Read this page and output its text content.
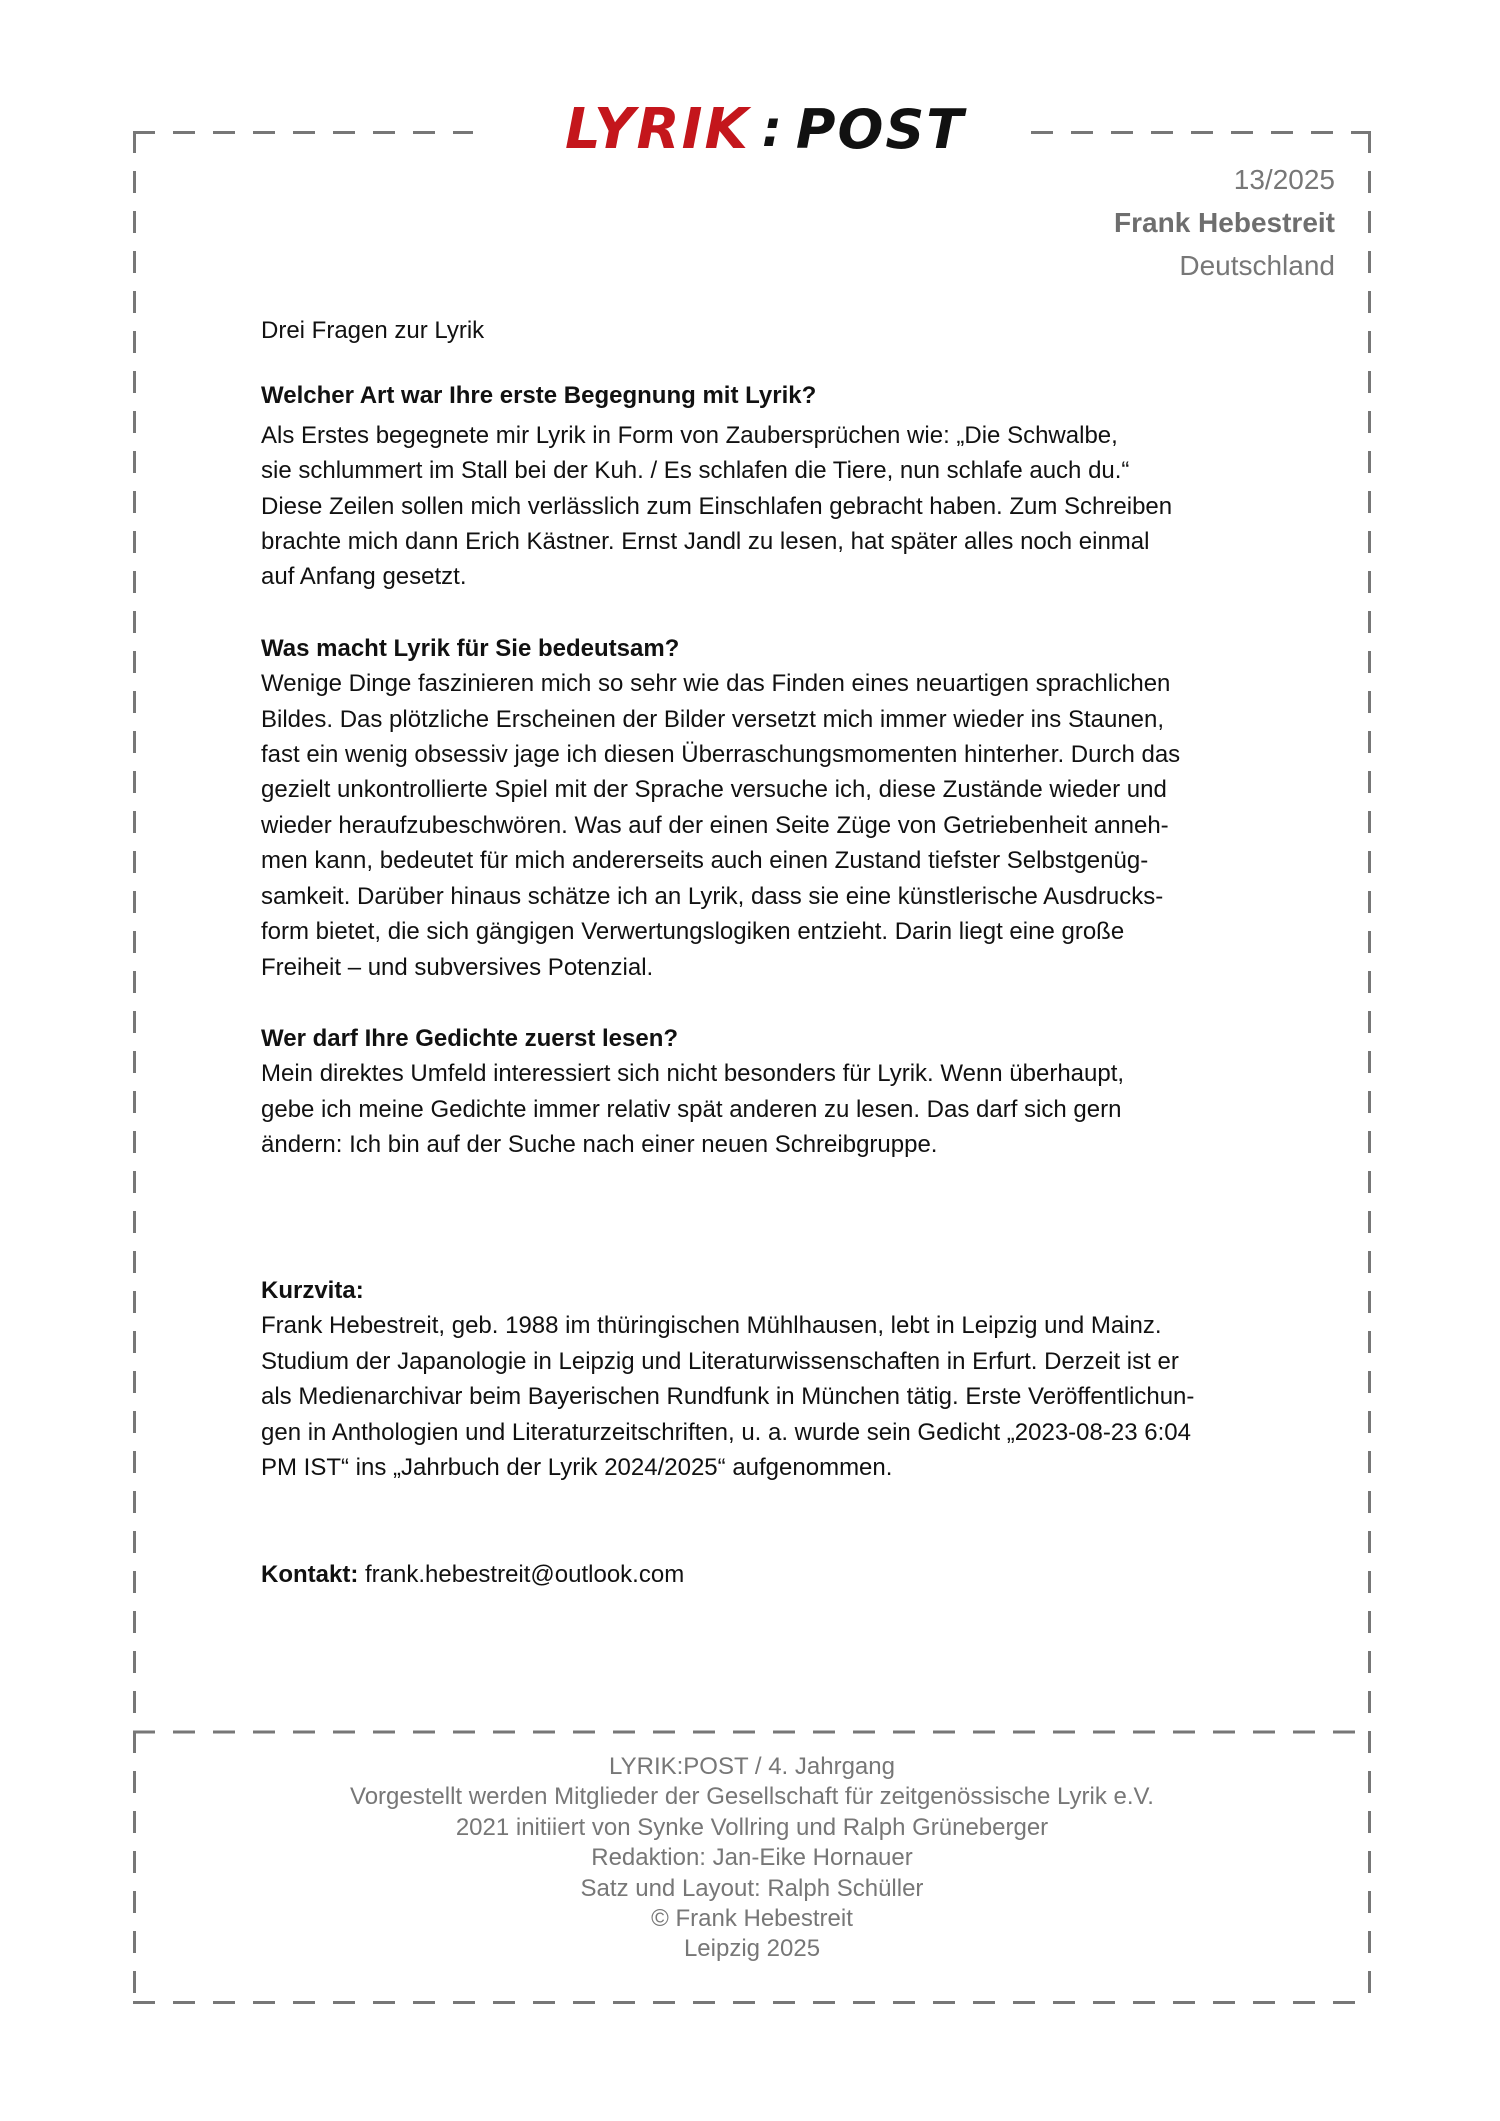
LYRIK : POST
13/2025
Frank Hebestreit
Deutschland

Drei Fragen zur Lyrik

Welcher Art war Ihre erste Begegnung mit Lyrik?

Als Erstes begegnete mir Lyrik in Form von Zaubersprüchen wie: „Die Schwalbe,
sie schlummert im Stall bei der Kuh. / Es schlafen die Tiere, nun schlafe auch du.“
Diese Zeilen sollen mich verlässlich zum Einschlafen gebracht haben. Zum Schreiben
brachte mich dann Erich Kästner. Ernst Jandl zu lesen, hat später alles noch einmal
auf Anfang gesetzt.

Was macht Lyrik für Sie bedeutsam?

Wenige Dinge faszinieren mich so sehr wie das Finden eines neuartigen sprachlichen
Bildes. Das plötzliche Erscheinen der Bilder versetzt mich immer wieder ins Staunen,
fast ein wenig obsessiv jage ich diesen Überraschungsmomenten hinterher. Durch das
gezielt unkontrollierte Spiel mit der Sprache versuche ich, diese Zustände wieder und
wieder heraufzubeschwören. Was auf der einen Seite Züge von Getriebenheit anneh-
men kann, bedeutet für mich andererseits auch einen Zustand tiefster Selbstgenüg-
samkeit. Darüber hinaus schätze ich an Lyrik, dass sie eine künstlerische Ausdrucks-
form bietet, die sich gängigen Verwertungslogiken entzieht. Darin liegt eine große
Freiheit – und subversives Potenzial.

Wer darf Ihre Gedichte zuerst lesen?

Mein direktes Umfeld interessiert sich nicht besonders für Lyrik. Wenn überhaupt,
gebe ich meine Gedichte immer relativ spät anderen zu lesen. Das darf sich gern
ändern: Ich bin auf der Suche nach einer neuen Schreibgruppe.

Kurzvita:

Frank Hebestreit, geb. 1988 im thüringischen Mühlhausen, lebt in Leipzig und Mainz.
Studium der Japanologie in Leipzig und Literaturwissenschaften in Erfurt. Derzeit ist er
als Medienarchivar beim Bayerischen Rundfunk in München tätig. Erste Veröffentlichun-
gen in Anthologien und Literaturzeitschriften, u. a. wurde sein Gedicht „2023-08-23 6:04
PM IST“ ins „Jahrbuch der Lyrik 2024/2025“ aufgenommen.

Kontakt: frank.hebestreit@outlook.com
LYRIK:POST / 4. Jahrgang
Vorgestellt werden Mitglieder der Gesellschaft für zeitgenössische Lyrik e.V.
2021 initiiert von Synke Vollring und Ralph Grüneberger
Redaktion: Jan-Eike Hornauer
Satz und Layout: Ralph Schüller
© Frank Hebestreit
Leipzig 2025
